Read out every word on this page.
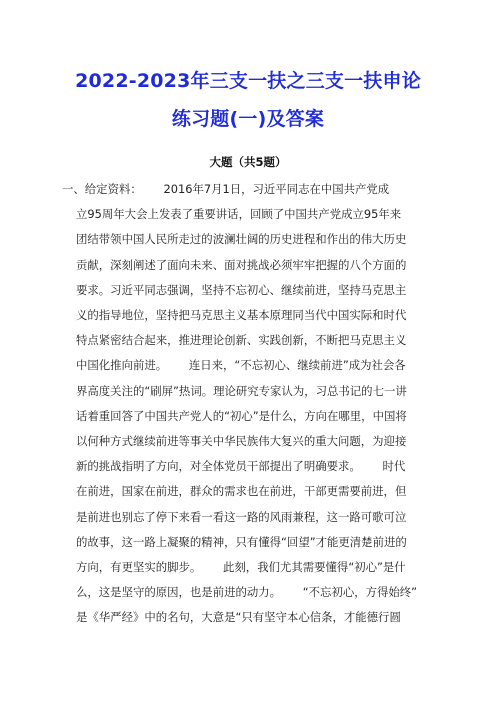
2022-2023年三支一扶之三支一扶申论
练习题(一)及答案
大题（共5题）
一、给定资料：      2016年7月1日，习近平同志在中国共产党成
立95周年大会上发表了重要讲话，回顾了中国共产党成立95年来
团结带领中国人民所走过的波澜壮阔的历史进程和作出的伟大历史
贡献，深刻阐述了面向未来、面对挑战必须牢牢把握的八个方面的
要求。习近平同志强调，坚持不忘初心、继续前进，坚持马克思主
义的指导地位，坚持把马克思主义基本原理同当代中国实际和时代
特点紧密结合起来，推进理论创新、实践创新，不断把马克思主义
中国化推向前进。      连日来，“不忘初心、继续前进”成为社会各
界高度关注的“刷屏”热词。理论研究专家认为，习总书记的七一讲
话着重回答了中国共产党人的“初心”是什么，方向在哪里，中国将
以何种方式继续前进等事关中华民族伟大复兴的重大问题，为迎接
新的挑战指明了方向，对全体党员干部提出了明确要求。      时代
在前进，国家在前进，群众的需求也在前进，干部更需要前进，但
是前进也别忘了停下来看一看这一路的风雨兼程，这一路可歌可泣
的故事，这一路上凝聚的精神，只有懂得“回望”才能更清楚前进的
方向，有更坚实的脚步。      此刻，我们尤其需要懂得“初心”是什
么，这是坚守的原因，也是前进的动力。      “不忘初心，方得始终”
是《华严经》中的名句，大意是“只有坚守本心信条，才能德行圆
